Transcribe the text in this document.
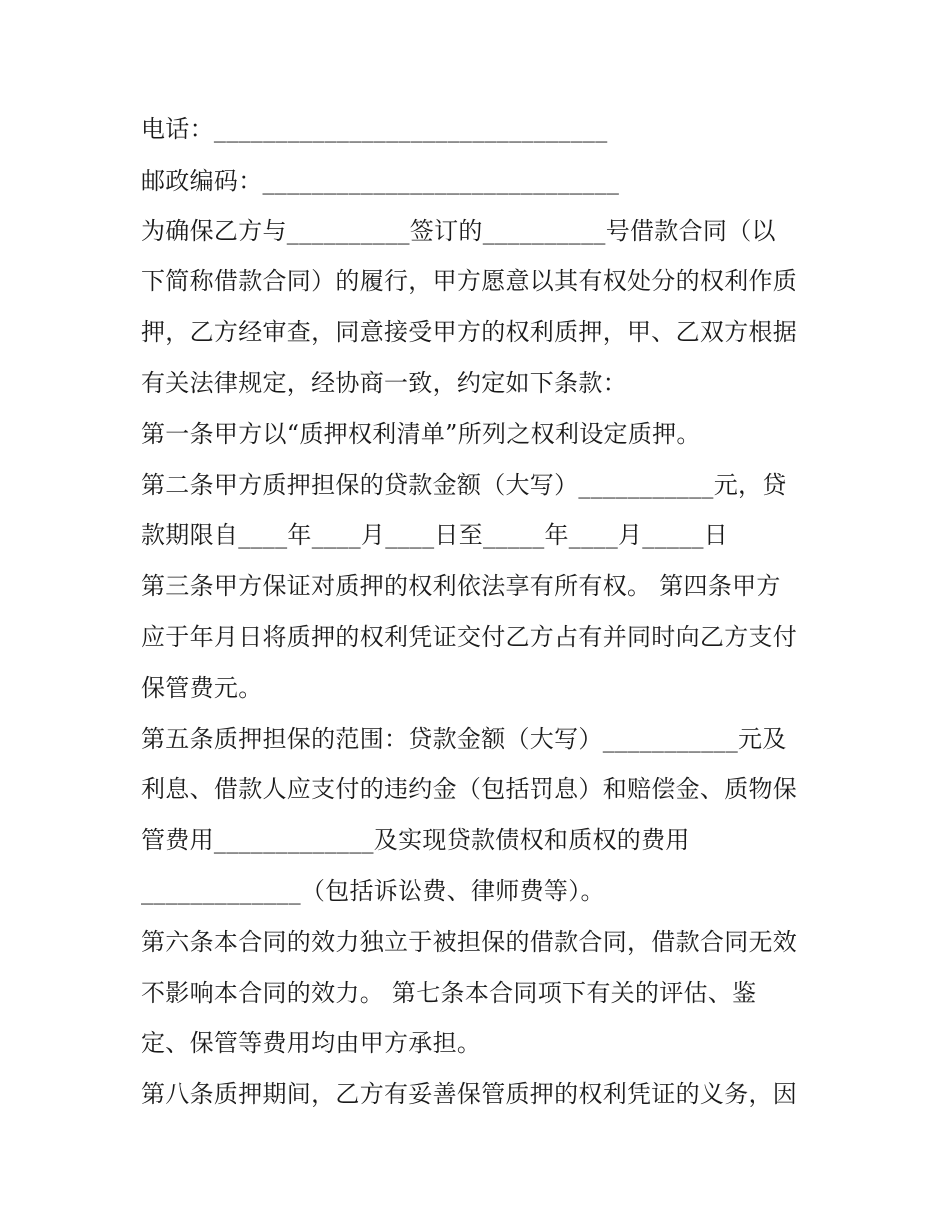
电话：________________________________
邮政编码：_____________________________
为确保乙方与__________签订的__________号借款合同（以
下简称借款合同）的履行，甲方愿意以其有权处分的权利作质
押，乙方经审查，同意接受甲方的权利质押，甲、乙双方根据
有关法律规定，经协商一致，约定如下条款：
第一条甲方以“质押权利清单”所列之权利设定质押。
第二条甲方质押担保的贷款金额（大写）___________元，贷
款期限自____年____月____日至_____年____月_____日
第三条甲方保证对质押的权利依法享有所有权。 第四条甲方
应于年月日将质押的权利凭证交付乙方占有并同时向乙方支付
保管费元。
第五条质押担保的范围：贷款金额（大写）___________元及
利息、借款人应支付的违约金（包括罚息）和赔偿金、质物保
管费用_____________及实现贷款债权和质权的费用
_____________（包括诉讼费、律师费等）。
第六条本合同的效力独立于被担保的借款合同，借款合同无效
不影响本合同的效力。 第七条本合同项下有关的评估、鉴
定、保管等费用均由甲方承担。
第八条质押期间，乙方有妥善保管质押的权利凭证的义务，因
